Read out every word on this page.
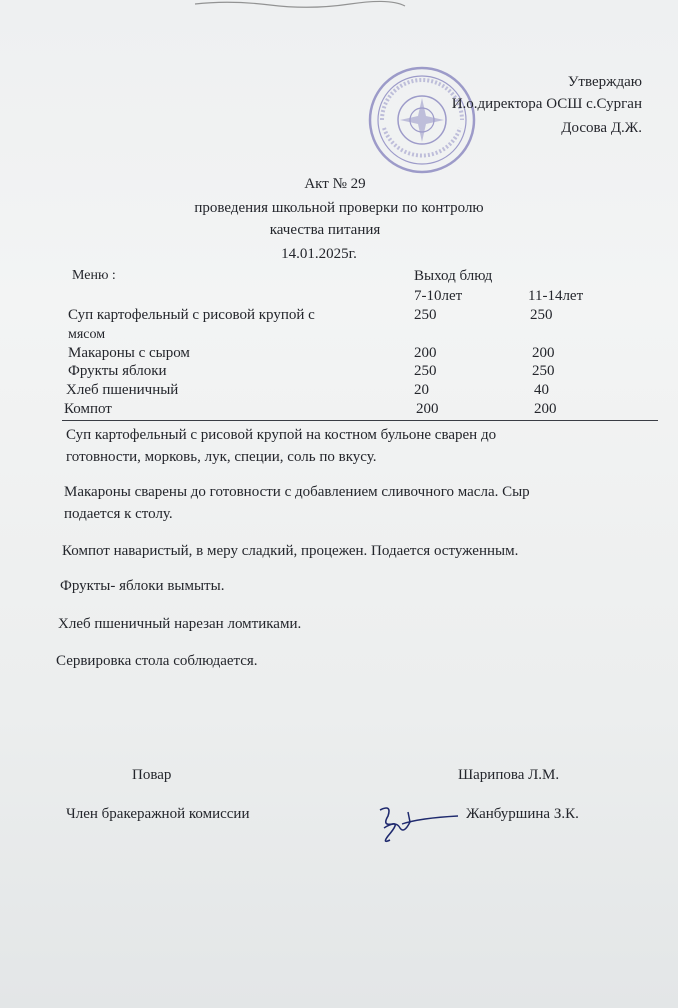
Утверждаю
И.о.директора ОСШ с.Сурган
Досова Д.Ж.
Акт № 29
проведения школьной проверки по контролю
качества питания
14.01.2025г.
Меню :	Выход блюд
7-10лет	11-14лет
Суп картофельный с рисовой крупой с
мясом
250	250
Макароны с сыром	200	200
Фрукты яблоки	250	250
Хлеб пшеничный	20	40
Компот	200	200
Суп картофельный с рисовой крупой на костном бульоне сварен до
готовности, морковь, лук, специи, соль по вкусу.
Макароны сварены до готовности с добавлением сливочного масла. Сыр
подается к столу.
Компот наваристый, в меру сладкий, процежен. Подается остуженным.
Фрукты- яблоки вымыты.
Хлеб пшеничный нарезан ломтиками.
Сервировка стола соблюдается.
Повар	Шарипова Л.М.
Член бракеражной комиссии	Жанбуршина З.К.
